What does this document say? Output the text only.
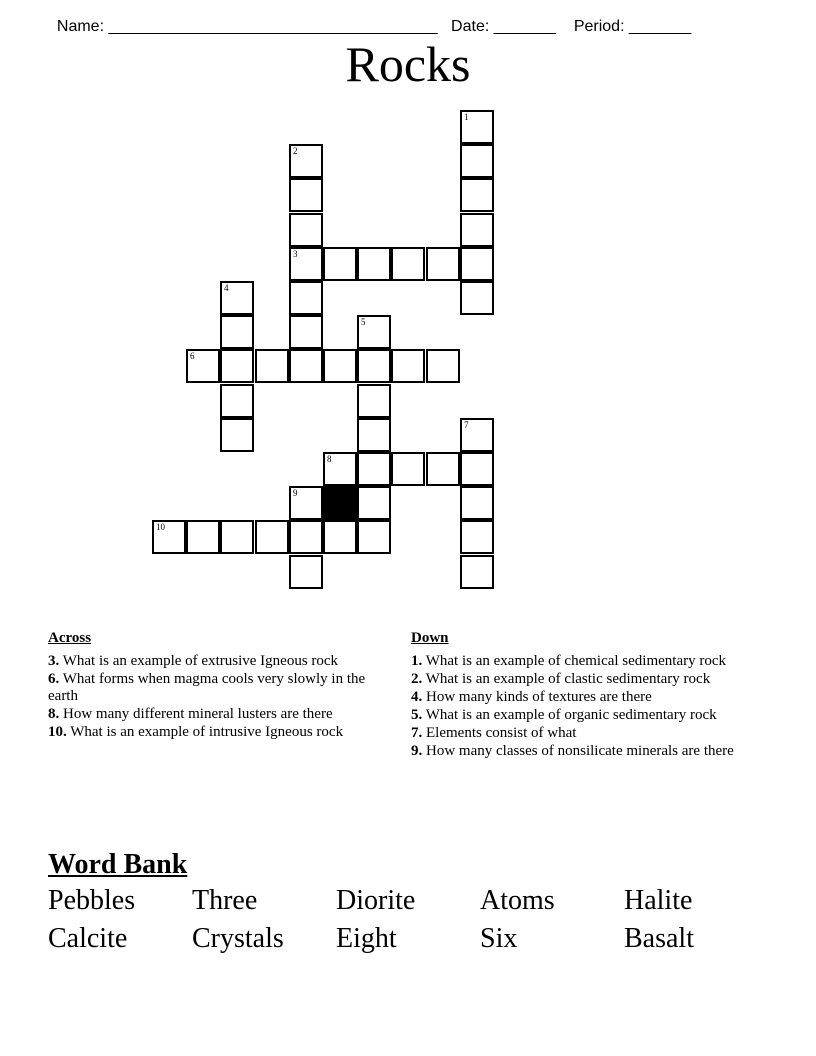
Name: _____________________________________ Date: _______ Period: _______

Rocks
1
2
3
4
5
6
7
8
9
10
Across
3. What is an example of extrusive Igneous rock
6. What forms when magma cools very slowly in the earth
8. How many different mineral lusters are there
10. What is an example of intrusive Igneous rock
Down
1. What is an example of chemical sedimentary rock
2. What is an example of clastic sedimentary rock
4. How many kinds of textures are there
5. What is an example of organic sedimentary rock
7. Elements consist of what
9. How many classes of nonsilicate minerals are there
Word Bank
Pebbles	Three	Diorite	Atoms	Halite
Calcite	Crystals	Eight	Six	Basalt
